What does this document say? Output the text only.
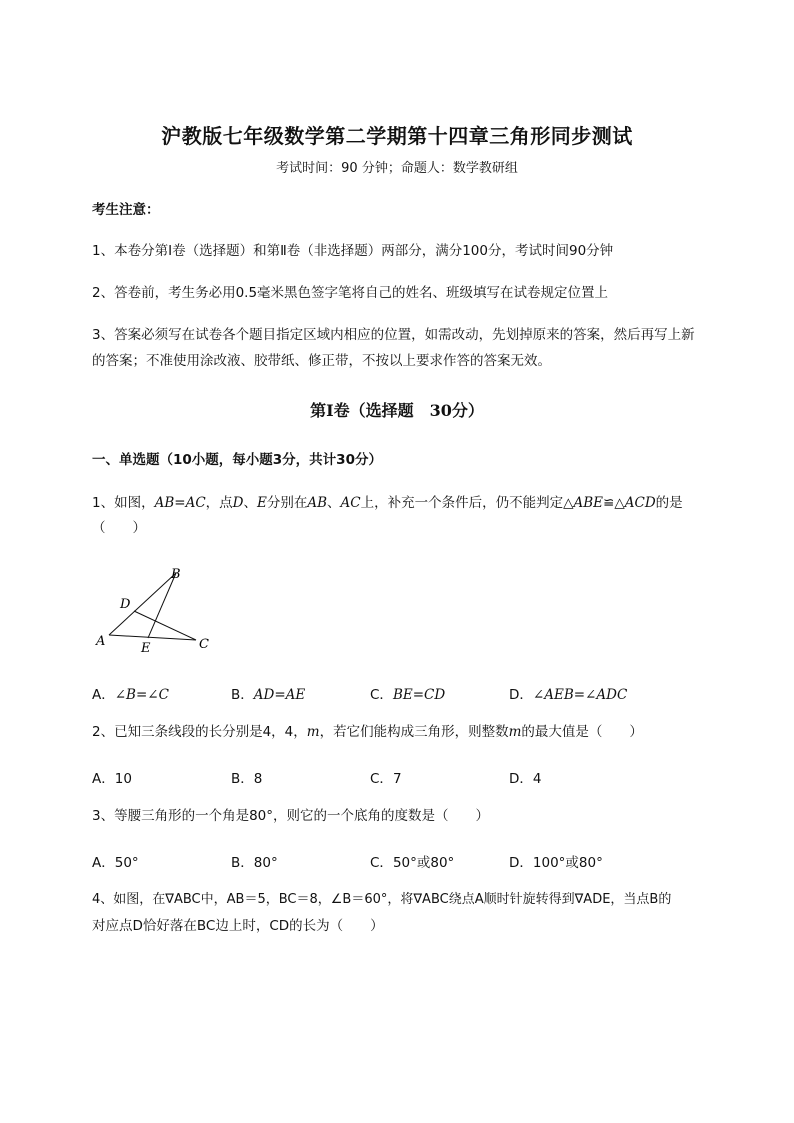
沪教版七年级数学第二学期第十四章三角形同步测试
考试时间：90 分钟；命题人：数学教研组
考生注意：
1、本卷分第Ⅰ卷（选择题）和第Ⅱ卷（非选择题）两部分，满分100分，考试时间90分钟
2、答卷前，考生务必用0.5毫米黑色签字笔将自己的姓名、班级填写在试卷规定位置上
3、答案必须写在试卷各个题目指定区域内相应的位置，如需改动，先划掉原来的答案，然后再写上新
的答案；不准使用涂改液、胶带纸、修正带，不按以上要求作答的答案无效。
第Ⅰ卷（选择题　30分）
一、单选题（10小题，每小题3分，共计30分）
1、如图，AB=AC，点D、E分别在AB、AC上，补充一个条件后，仍不能判定△ABE≌△ACD的是
（　　）
A
B
C
D
E
A．∠B=∠C	B．AD=AE	C．BE=CD	D．∠AEB=∠ADC
2、已知三条线段的长分别是4，4，m，若它们能构成三角形，则整数m的最大值是（　　）
A．10	B．8	C．7	D．4
3、等腰三角形的一个角是80°，则它的一个底角的度数是（　　）
A．50°	B．80°	C．50°或80°	D．100°或80°
4、如图，在∇ABC中，AB＝5，BC＝8，∠B＝60°，将∇ABC绕点A顺时针旋转得到∇ADE，当点B的
对应点D恰好落在BC边上时，CD的长为（　　）
